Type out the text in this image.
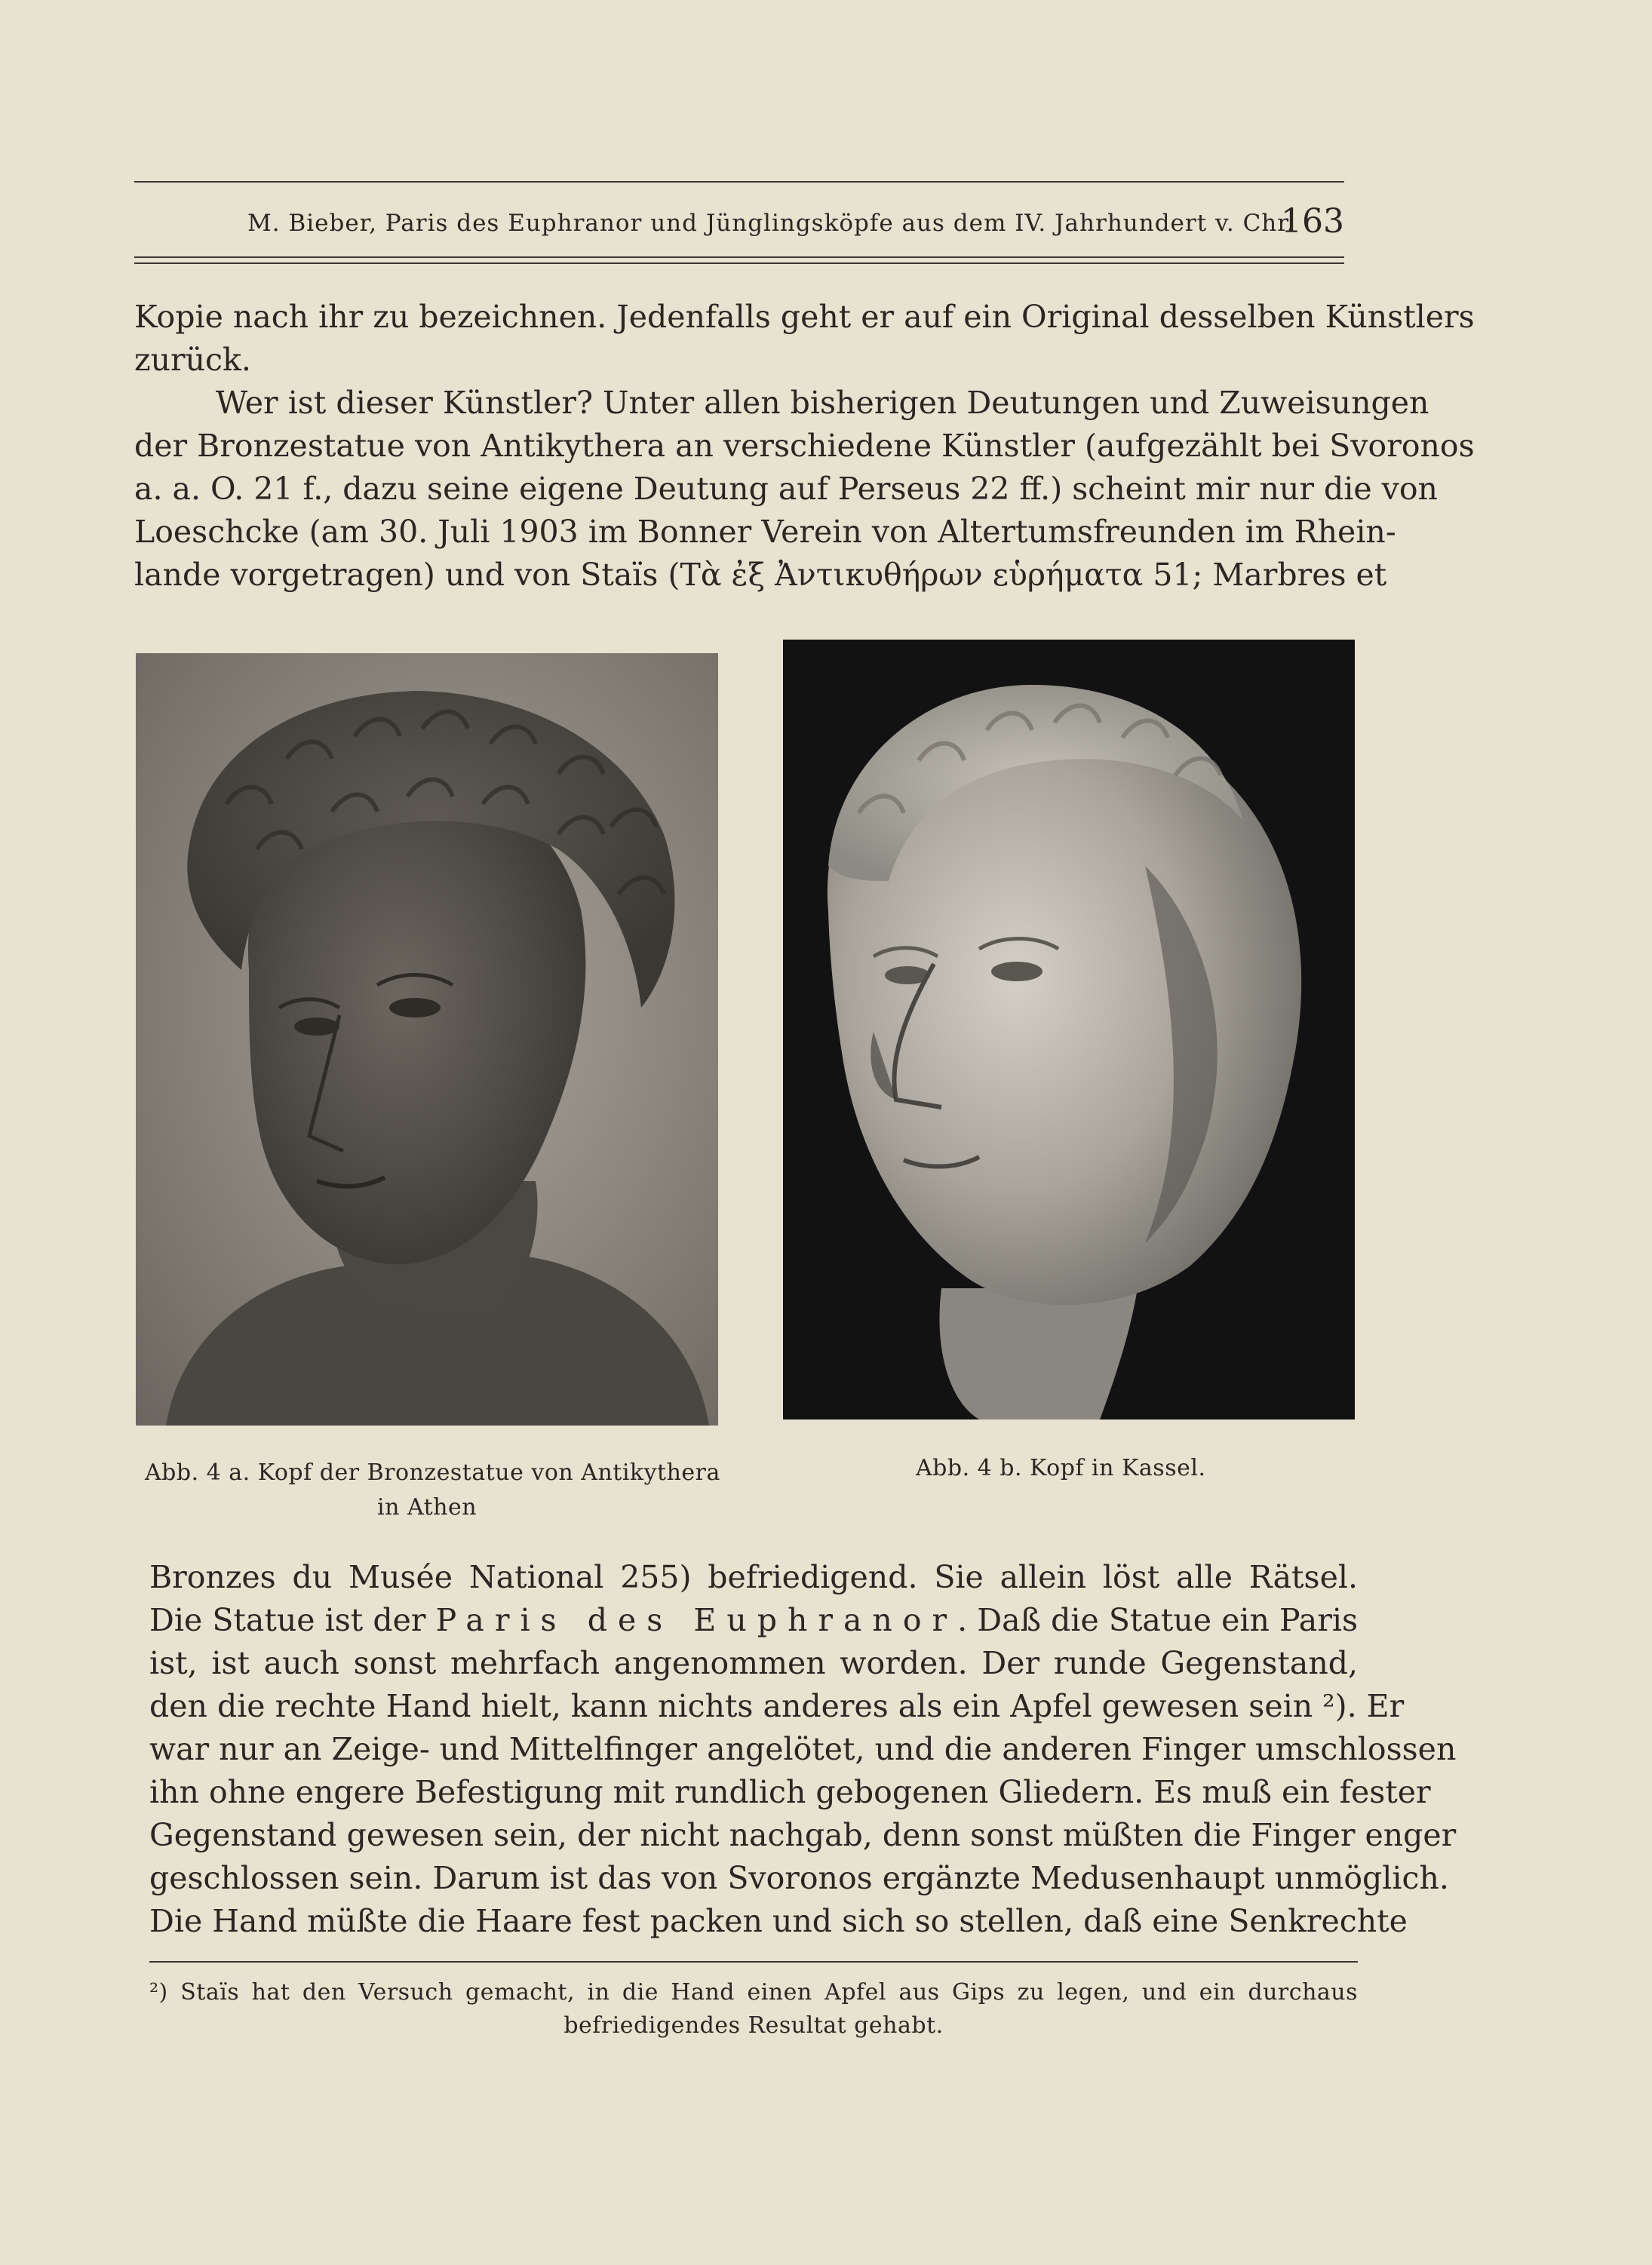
M. Bieber, Paris des Euphranor und Jünglingsköpfe aus dem IV. Jahrhundert v. Chr.
163

Kopie nach ihr zu bezeichnen. Jedenfalls geht er auf ein Original desselben Künstlers
zurück.
Wer ist dieser Künstler? Unter allen bisherigen Deutungen und Zuweisungen
der Bronzestatue von Antikythera an verschiedene Künstler (aufgezählt bei Svoronos
a. a. O. 21 f., dazu seine eigene Deutung auf Perseus 22 ff.) scheint mir nur die von
Loeschcke (am 30. Juli 1903 im Bonner Verein von Altertumsfreunden im Rhein-
lande vorgetragen) und von Staïs (Τὰ ἐξ Ἀντικυθήρων εὑρήματα 51; Marbres et

Abb. 4 a. Kopf der Bronzestatue von Antikythera
in Athen
Abb. 4 b. Kopf in Kassel.

Bronzes du Musée National 255) befriedigend. Sie allein löst alle Rätsel.
Die Statue ist der Paris des Euphranor. Daß die Statue ein Paris
ist, ist auch sonst mehrfach angenommen worden. Der runde Gegenstand,
den die rechte Hand hielt, kann nichts anderes als ein Apfel gewesen sein ²). Er
war nur an Zeige- und Mittelfinger angelötet, und die anderen Finger umschlossen
ihn ohne engere Befestigung mit rundlich gebogenen Gliedern. Es muß ein fester
Gegenstand gewesen sein, der nicht nachgab, denn sonst müßten die Finger enger
geschlossen sein. Darum ist das von Svoronos ergänzte Medusenhaupt unmöglich.
Die Hand müßte die Haare fest packen und sich so stellen, daß eine Senkrechte

²) Staïs hat den Versuch gemacht, in die Hand einen Apfel aus Gips zu legen, und ein durchaus
befriedigendes Resultat gehabt.
